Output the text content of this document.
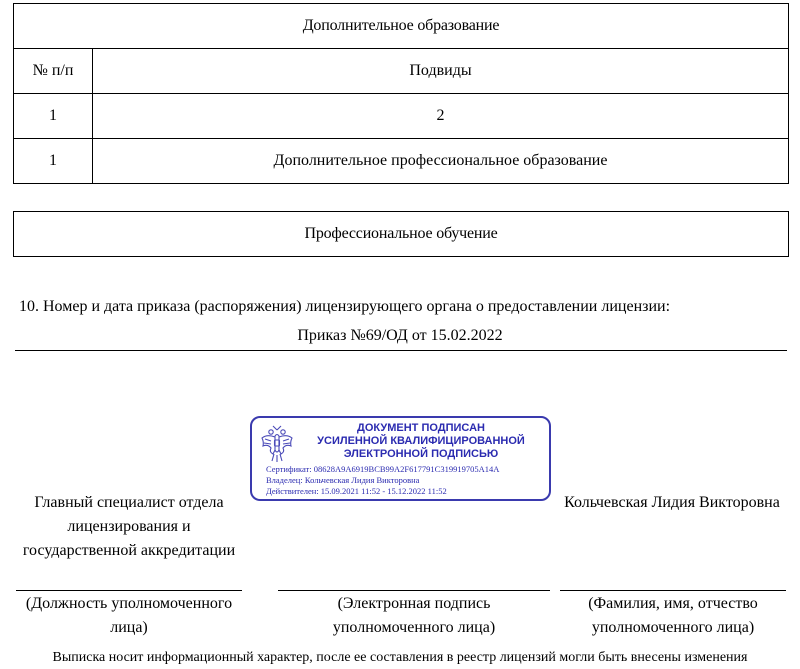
Дополнительное образование	
№ п/п	Подвиды
1	2
1	Дополнительное профессиональное образование
Профессиональное обучение
10. Номер и дата приказа (распоряжения) лицензирующего органа о предоставлении лицензии:
Приказ №69/ОД от 15.02.2022
ДОКУМЕНТ ПОДПИСАН
УСИЛЕННОЙ КВАЛИФИЦИРОВАННОЙ
ЭЛЕКТРОННОЙ ПОДПИСЬЮ
Сертификат: 08628A9A6919BCB99A2F617791C319919705A14A
Владелец: Кольчевская Лидия Викторовна
Действителен: 15.09.2021 11:52 - 15.12.2022 11:52
Главный специалист отдела лицензирования и государственной аккредитации
Кольчевская Лидия Викторовна
(Должность уполномоченного лица)
(Электронная подпись уполномоченного лица)
(Фамилия, имя, отчество уполномоченного лица)
Выписка носит информационный характер, после ее составления в реестр лицензий могли быть внесены изменения
